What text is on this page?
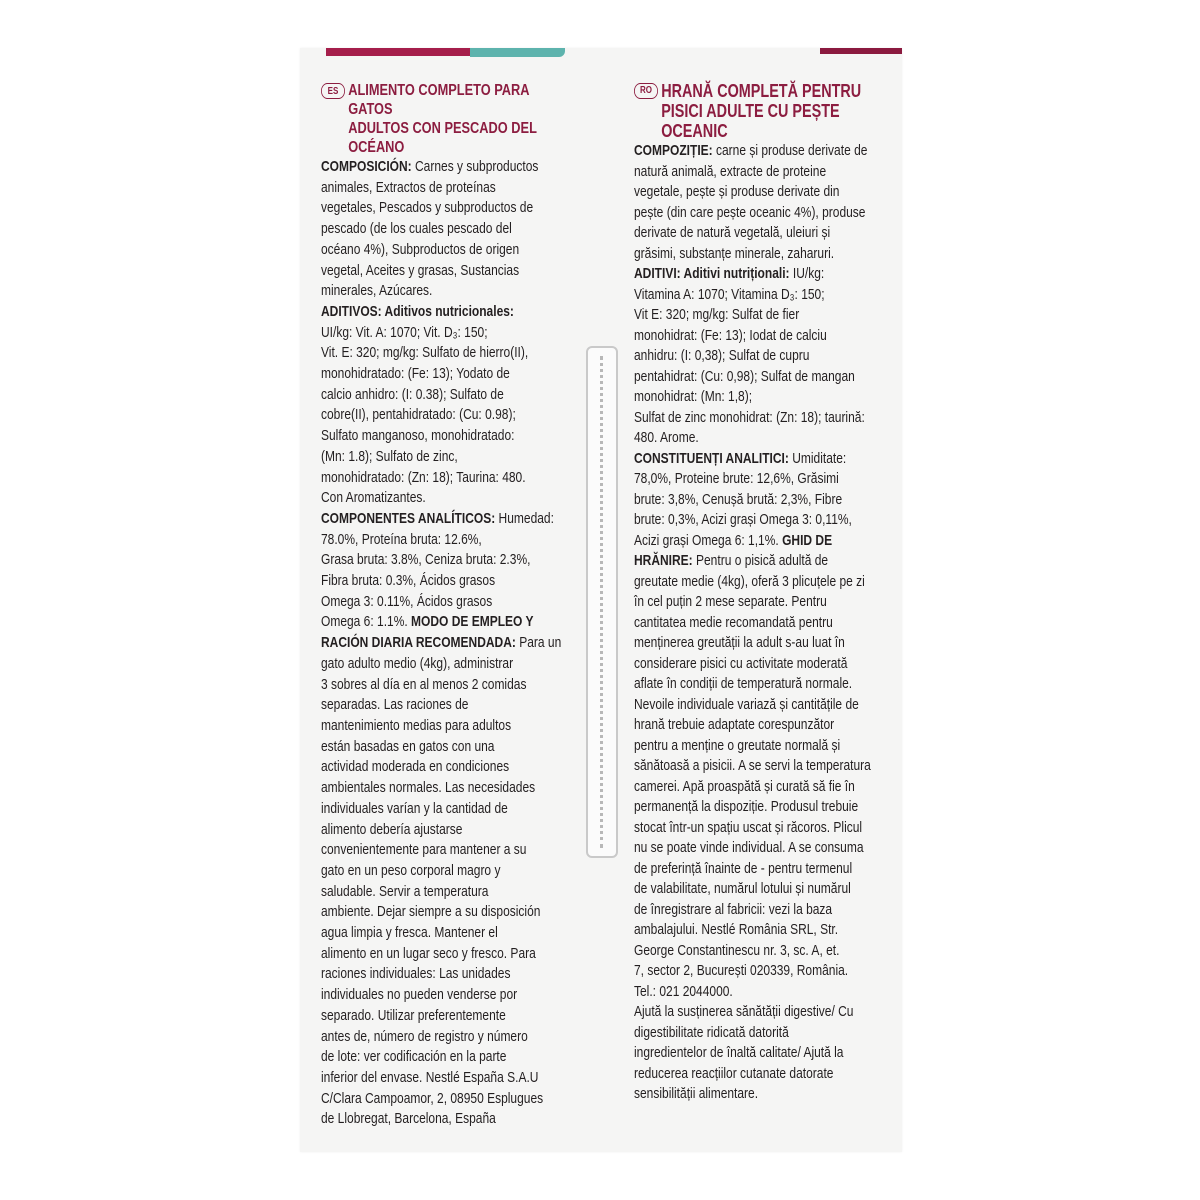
ES ALIMENTO COMPLETO PARA GATOS
ADULTOS CON PESCADO DEL OCÉANO
COMPOSICIÓN: Carnes y subproductos
animales, Extractos de proteínas
vegetales, Pescados y subproductos de
pescado (de los cuales pescado del
océano 4%), Subproductos de origen
vegetal, Aceites y grasas, Sustancias
minerales, Azúcares.
ADITIVOS: Aditivos nutricionales:
UI/kg: Vit. A: 1070; Vit. D₃: 150;
Vit. E: 320; mg/kg: Sulfato de hierro(II),
monohidratado: (Fe: 13); Yodato de
calcio anhidro: (I: 0.38); Sulfato de
cobre(II), pentahidratado: (Cu: 0.98);
Sulfato manganoso, monohidratado:
(Mn: 1.8); Sulfato de zinc,
monohidratado: (Zn: 18); Taurina: 480.
Con Aromatizantes.
COMPONENTES ANALÍTICOS: Humedad:
78.0%, Proteína bruta: 12.6%,
Grasa bruta: 3.8%, Ceniza bruta: 2.3%,
Fibra bruta: 0.3%, Ácidos grasos
Omega 3: 0.11%, Ácidos grasos
Omega 6: 1.1%. MODO DE EMPLEO Y
RACIÓN DIARIA RECOMENDADA: Para un
gato adulto medio (4kg), administrar
3 sobres al día en al menos 2 comidas
separadas. Las raciones de
mantenimiento medias para adultos
están basadas en gatos con una
actividad moderada en condiciones
ambientales normales. Las necesidades
individuales varían y la cantidad de
alimento debería ajustarse
convenientemente para mantener a su
gato en un peso corporal magro y
saludable. Servir a temperatura
ambiente. Dejar siempre a su disposición
agua limpia y fresca. Mantener el
alimento en un lugar seco y fresco. Para
raciones individuales: Las unidades
individuales no pueden venderse por
separado. Utilizar preferentemente
antes de, número de registro y número
de lote: ver codificación en la parte
inferior del envase. Nestlé España S.A.U
C/Clara Campoamor, 2, 08950 Esplugues
de Llobregat, Barcelona, España
RO HRANĂ COMPLETĂ PENTRU
PISICI ADULTE CU PEȘTE OCEANIC
COMPOZIȚIE: carne și produse derivate de
natură animală, extracte de proteine
vegetale, pește și produse derivate din
pește (din care pește oceanic 4%), produse
derivate de natură vegetală, uleiuri și
grăsimi, substanțe minerale, zaharuri.
ADITIVI: Aditivi nutriționali: IU/kg:
Vitamina A: 1070; Vitamina D₃: 150;
Vit E: 320; mg/kg: Sulfat de fier
monohidrat: (Fe: 13); Iodat de calciu
anhidru: (I: 0,38); Sulfat de cupru
pentahidrat: (Cu: 0,98); Sulfat de mangan
monohidrat: (Mn: 1,8);
Sulfat de zinc monohidrat: (Zn: 18); taurină:
480. Arome.
CONSTITUENȚI ANALITICI: Umiditate:
78,0%, Proteine brute: 12,6%, Grăsimi
brute: 3,8%, Cenușă brută: 2,3%, Fibre
brute: 0,3%, Acizi grași Omega 3: 0,11%,
Acizi grași Omega 6: 1,1%. GHID DE
HRĂNIRE: Pentru o pisică adultă de
greutate medie (4kg), oferă 3 plicuțele pe zi
în cel puțin 2 mese separate. Pentru
cantitatea medie recomandată pentru
menținerea greutății la adult s-au luat în
considerare pisici cu activitate moderată
aflate în condiții de temperatură normale.
Nevoile individuale variază și cantitățile de
hrană trebuie adaptate corespunzător
pentru a menține o greutate normală și
sănătoasă a pisicii. A se servi la temperatura
camerei. Apă proaspătă și curată să fie în
permanență la dispoziție. Produsul trebuie
stocat într-un spațiu uscat și răcoros. Plicul
nu se poate vinde individual. A se consuma
de preferință înainte de - pentru termenul
de valabilitate, numărul lotului și numărul
de înregistrare al fabricii: vezi la baza
ambalajului. Nestlé România SRL, Str.
George Constantinescu nr. 3, sc. A, et.
7, sector 2, București 020339, România.
Tel.: 021 2044000.
Ajută la susținerea sănătății digestive/ Cu
digestibilitate ridicată datorită
ingredientelor de înaltă calitate/ Ajută la
reducerea reacțiilor cutanate datorate
sensibilității alimentare.
